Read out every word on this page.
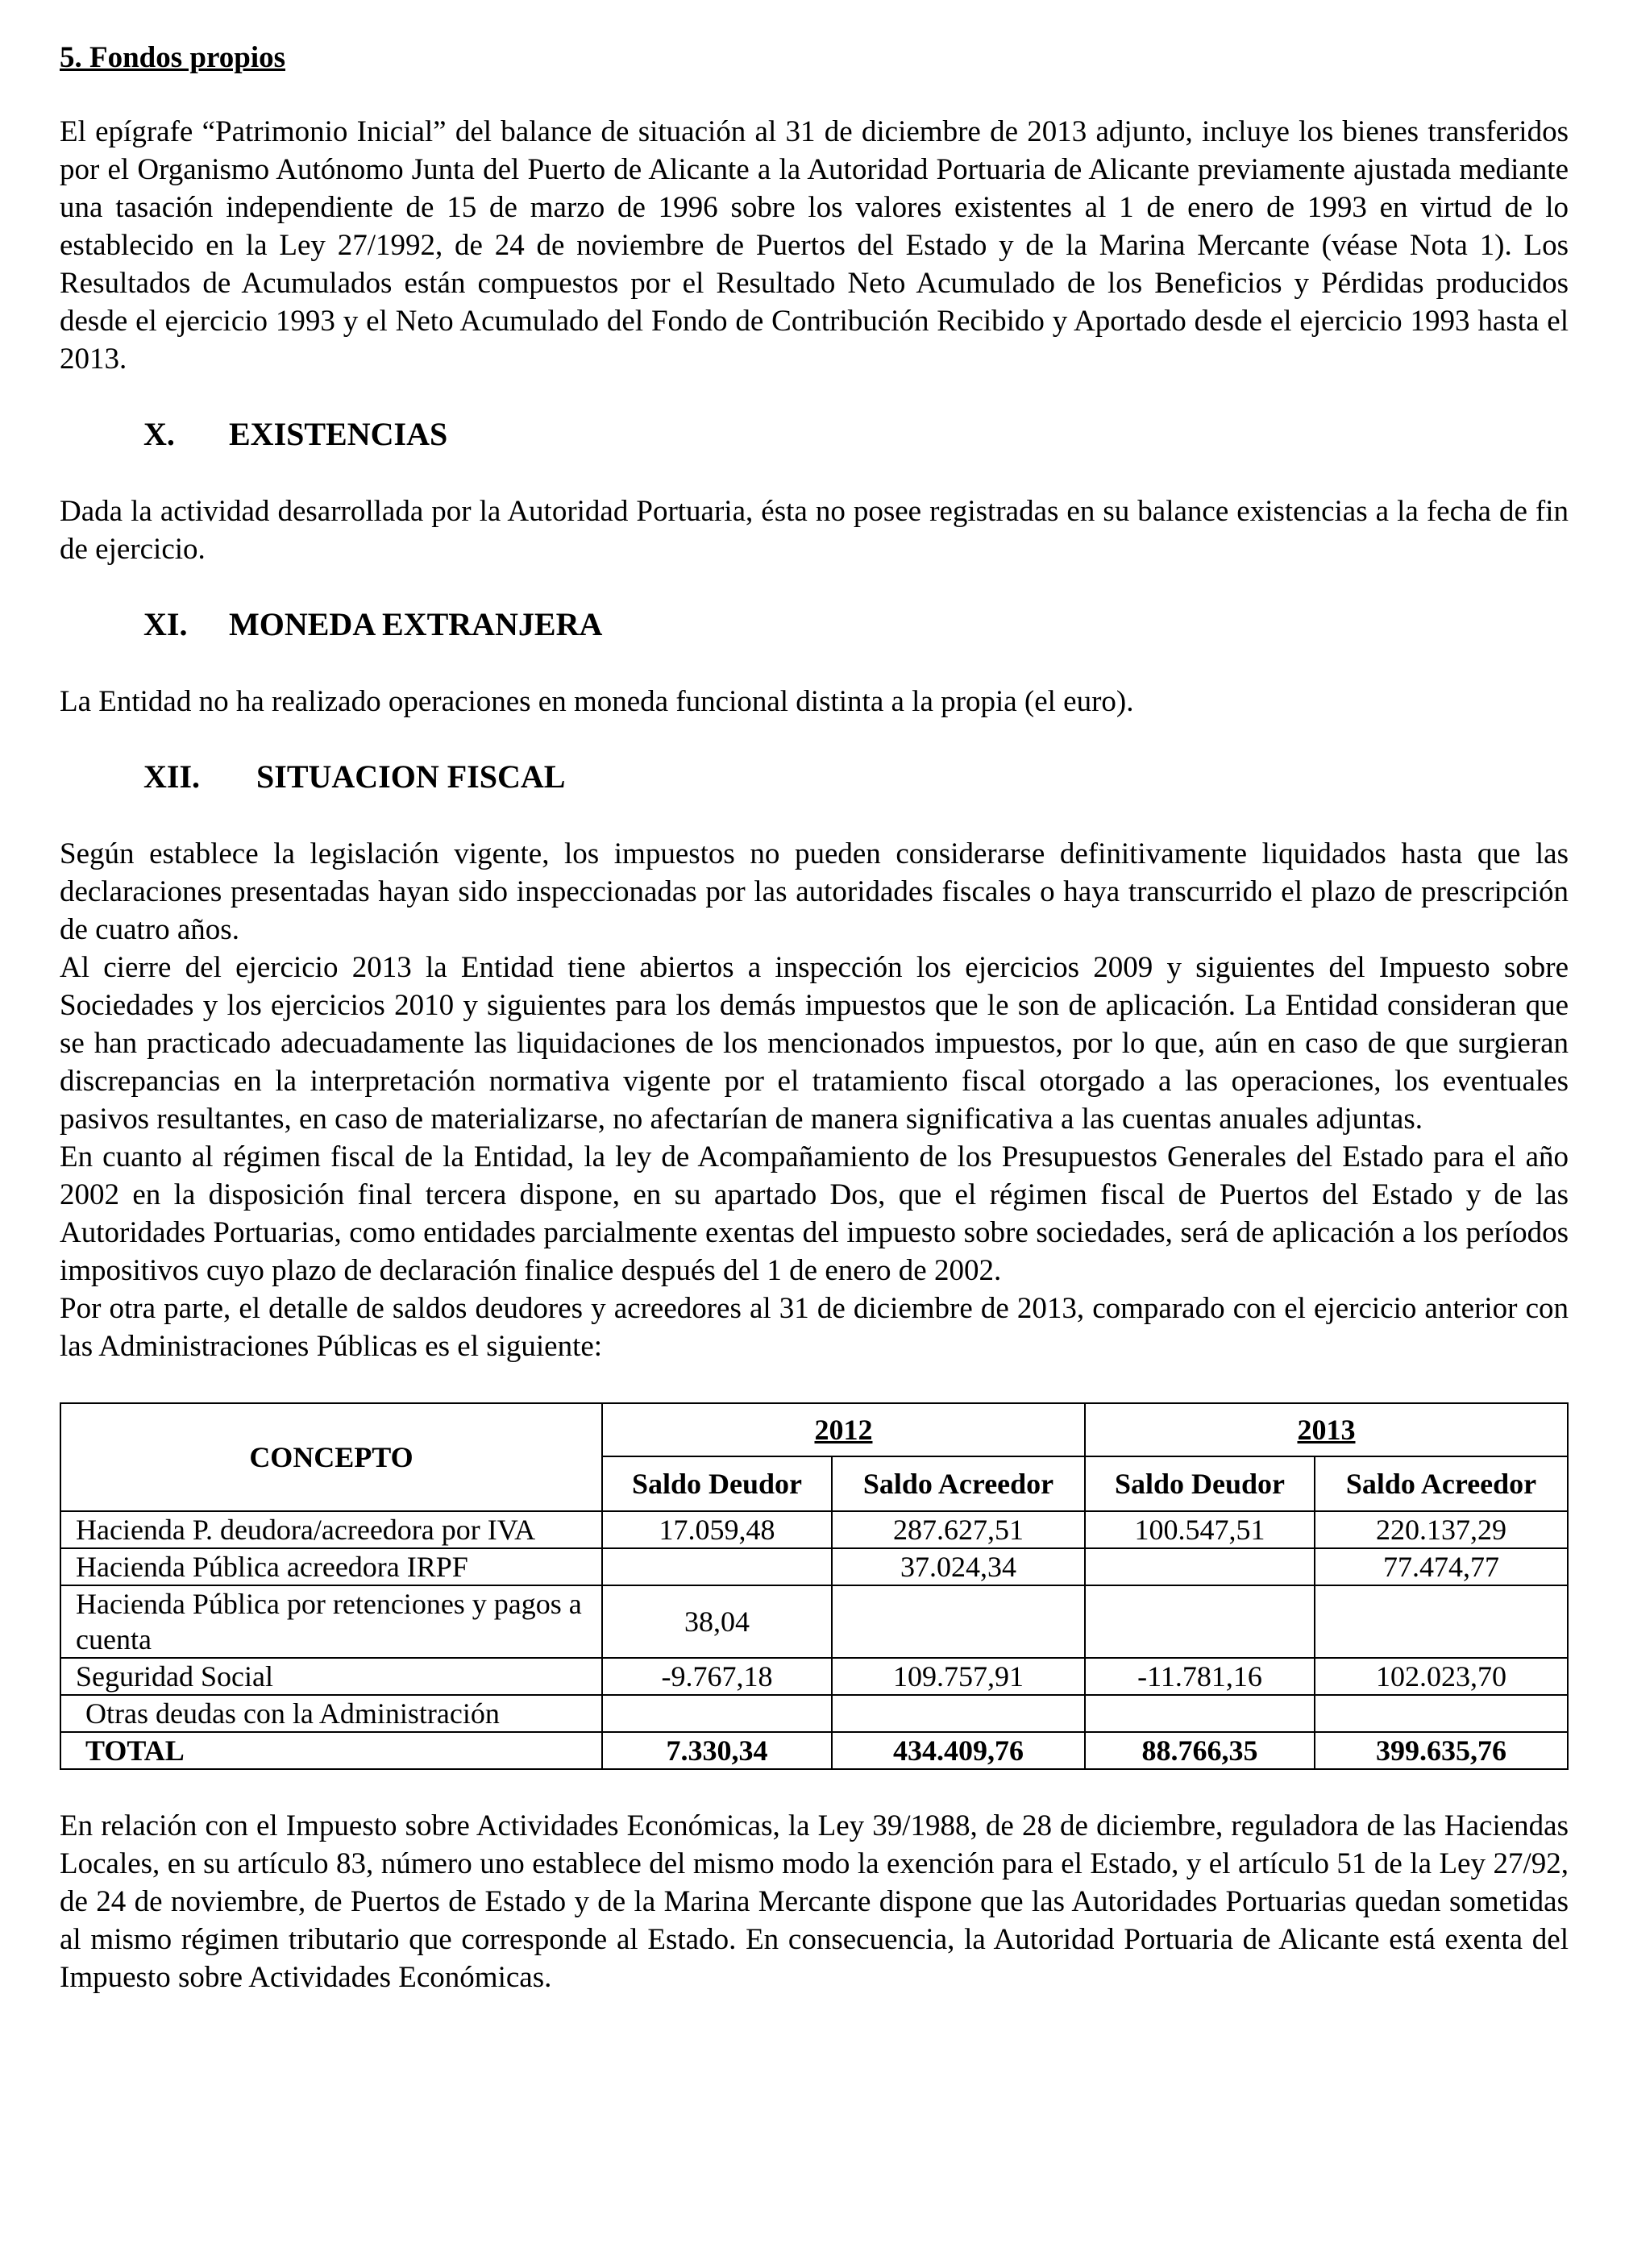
5. Fondos propios

El epígrafe “Patrimonio Inicial” del balance de situación al 31 de diciembre de 2013 adjunto, incluye los bienes transferidos por el Organismo Autónomo Junta del Puerto de Alicante a la Autoridad Portuaria de Alicante previamente ajustada mediante una tasación independiente de 15 de marzo de 1996 sobre los valores existentes al 1 de enero de 1993 en virtud de lo establecido en la Ley 27/1992, de 24 de noviembre de Puertos del Estado y de la Marina Mercante (véase Nota 1). Los Resultados de Acumulados están compuestos por el Resultado Neto Acumulado de los Beneficios y Pérdidas producidos desde el ejercicio 1993 y el Neto Acumulado del Fondo de Contribución Recibido y Aportado desde el ejercicio 1993 hasta el 2013.

X. EXISTENCIAS

Dada la actividad desarrollada por la Autoridad Portuaria, ésta no posee registradas en su balance existencias a la fecha de fin de ejercicio.

XI. MONEDA EXTRANJERA

La Entidad no ha realizado operaciones en moneda funcional distinta a la propia (el euro).

XII. SITUACION FISCAL

Según establece la legislación vigente, los impuestos no pueden considerarse definitivamente liquidados hasta que las declaraciones presentadas hayan sido inspeccionadas por las autoridades fiscales o haya transcurrido el plazo de prescripción de cuatro años.

Al cierre del ejercicio 2013 la Entidad tiene abiertos a inspección los ejercicios 2009 y siguientes del Impuesto sobre Sociedades y los ejercicios 2010 y siguientes para los demás impuestos que le son de aplicación. La Entidad consideran que se han practicado adecuadamente las liquidaciones de los mencionados impuestos, por lo que, aún en caso de que surgieran discrepancias en la interpretación normativa vigente por el tratamiento fiscal otorgado a las operaciones, los eventuales pasivos resultantes, en caso de materializarse, no afectarían de manera significativa a las cuentas anuales adjuntas.

En cuanto al régimen fiscal de la Entidad, la ley de Acompañamiento de los Presupuestos Generales del Estado para el año 2002 en la disposición final tercera dispone, en su apartado Dos, que el régimen fiscal de Puertos del Estado y de las Autoridades Portuarias, como entidades parcialmente exentas del impuesto sobre sociedades, será de aplicación a los períodos impositivos cuyo plazo de declaración finalice después del 1 de enero de 2002.

Por otra parte, el detalle de saldos deudores y acreedores al 31 de diciembre de 2013, comparado con el ejercicio anterior con las Administraciones Públicas es el siguiente:

CONCEPTO	2012		2013	
	Saldo Deudor	Saldo Acreedor	Saldo Deudor	Saldo Acreedor
Hacienda P. deudora/acreedora por IVA	17.059,48	287.627,51	100.547,51	220.137,29
Hacienda Pública acreedora IRPF		37.024,34		77.474,77
Hacienda Pública por retenciones y pagos a cuenta	38,04			
Seguridad Social	-9.767,18	109.757,91	-11.781,16	102.023,70
Otras deudas con la Administración				
TOTAL	7.330,34	434.409,76	88.766,35	399.635,76

En relación con el Impuesto sobre Actividades Económicas, la Ley 39/1988, de 28 de diciembre, reguladora de las Haciendas Locales, en su artículo 83, número uno establece del mismo modo la exención para el Estado, y el artículo 51 de la Ley 27/92, de 24 de noviembre, de Puertos de Estado y de la Marina Mercante dispone que las Autoridades Portuarias quedan sometidas al mismo régimen tributario que corresponde al Estado. En consecuencia, la Autoridad Portuaria de Alicante está exenta del Impuesto sobre Actividades Económicas.
